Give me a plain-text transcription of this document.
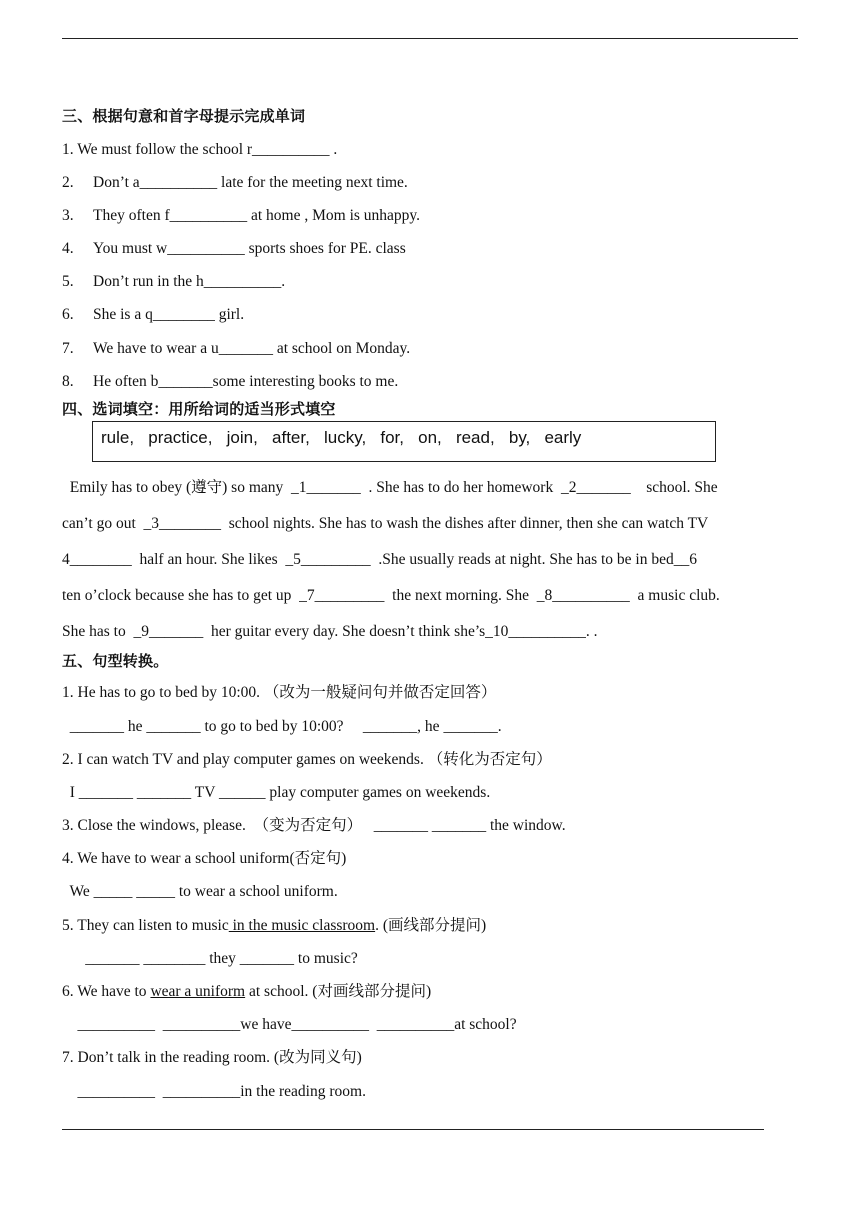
三、根据句意和首字母提示完成单词
1. We must follow the school r__________ .
2. Don’t a__________ late for the meeting next time.
3. They often f__________ at home , Mom is unhappy.
4. You must w__________ sports shoes for PE. class
5. Don’t run in the h__________.
6. She is a q________ girl.
7. We have to wear a u_______ at school on Monday.
8. He often b_______some interesting books to me.
四、选词填空：用所给词的适当形式填空
rule,   practice,   join,   after,   lucky,   for,   on,   read,   by,   early
Emily has to obey (遵守) so many  _1_______  . She has to do her homework  _2_______    school. She
can’t go out  _3________  school nights. She has to wash the dishes after dinner, then she can watch TV
4________  half an hour. She likes  _5_________  .She usually reads at night. She has to be in bed__6
ten o’clock because she has to get up  _7_________  the next morning. She  _8__________  a music club.
She has to  _9_______  her guitar every day. She doesn’t think she’s_10__________. .
五、句型转换。
1. He has to go to bed by 10:00. （改为一般疑问句并做否定回答）
_______ he _______ to go to bed by 10:00?     _______, he _______.
2. I can watch TV and play computer games on weekends. （转化为否定句）
I _______ _______ TV ______ play computer games on weekends.
3. Close the windows, please.  （变为否定句）   _______ _______ the window.
4. We have to wear a school uniform(否定句)
We _____ _____ to wear a school uniform.
5. They can listen to music in the music classroom. (画线部分提问)
_______ ________ they _______ to music?
6. We have to wear a uniform at school. (对画线部分提问)
__________  __________we have__________  __________at school?
7. Don’t talk in the reading room. (改为同义句)
__________  __________in the reading room.
